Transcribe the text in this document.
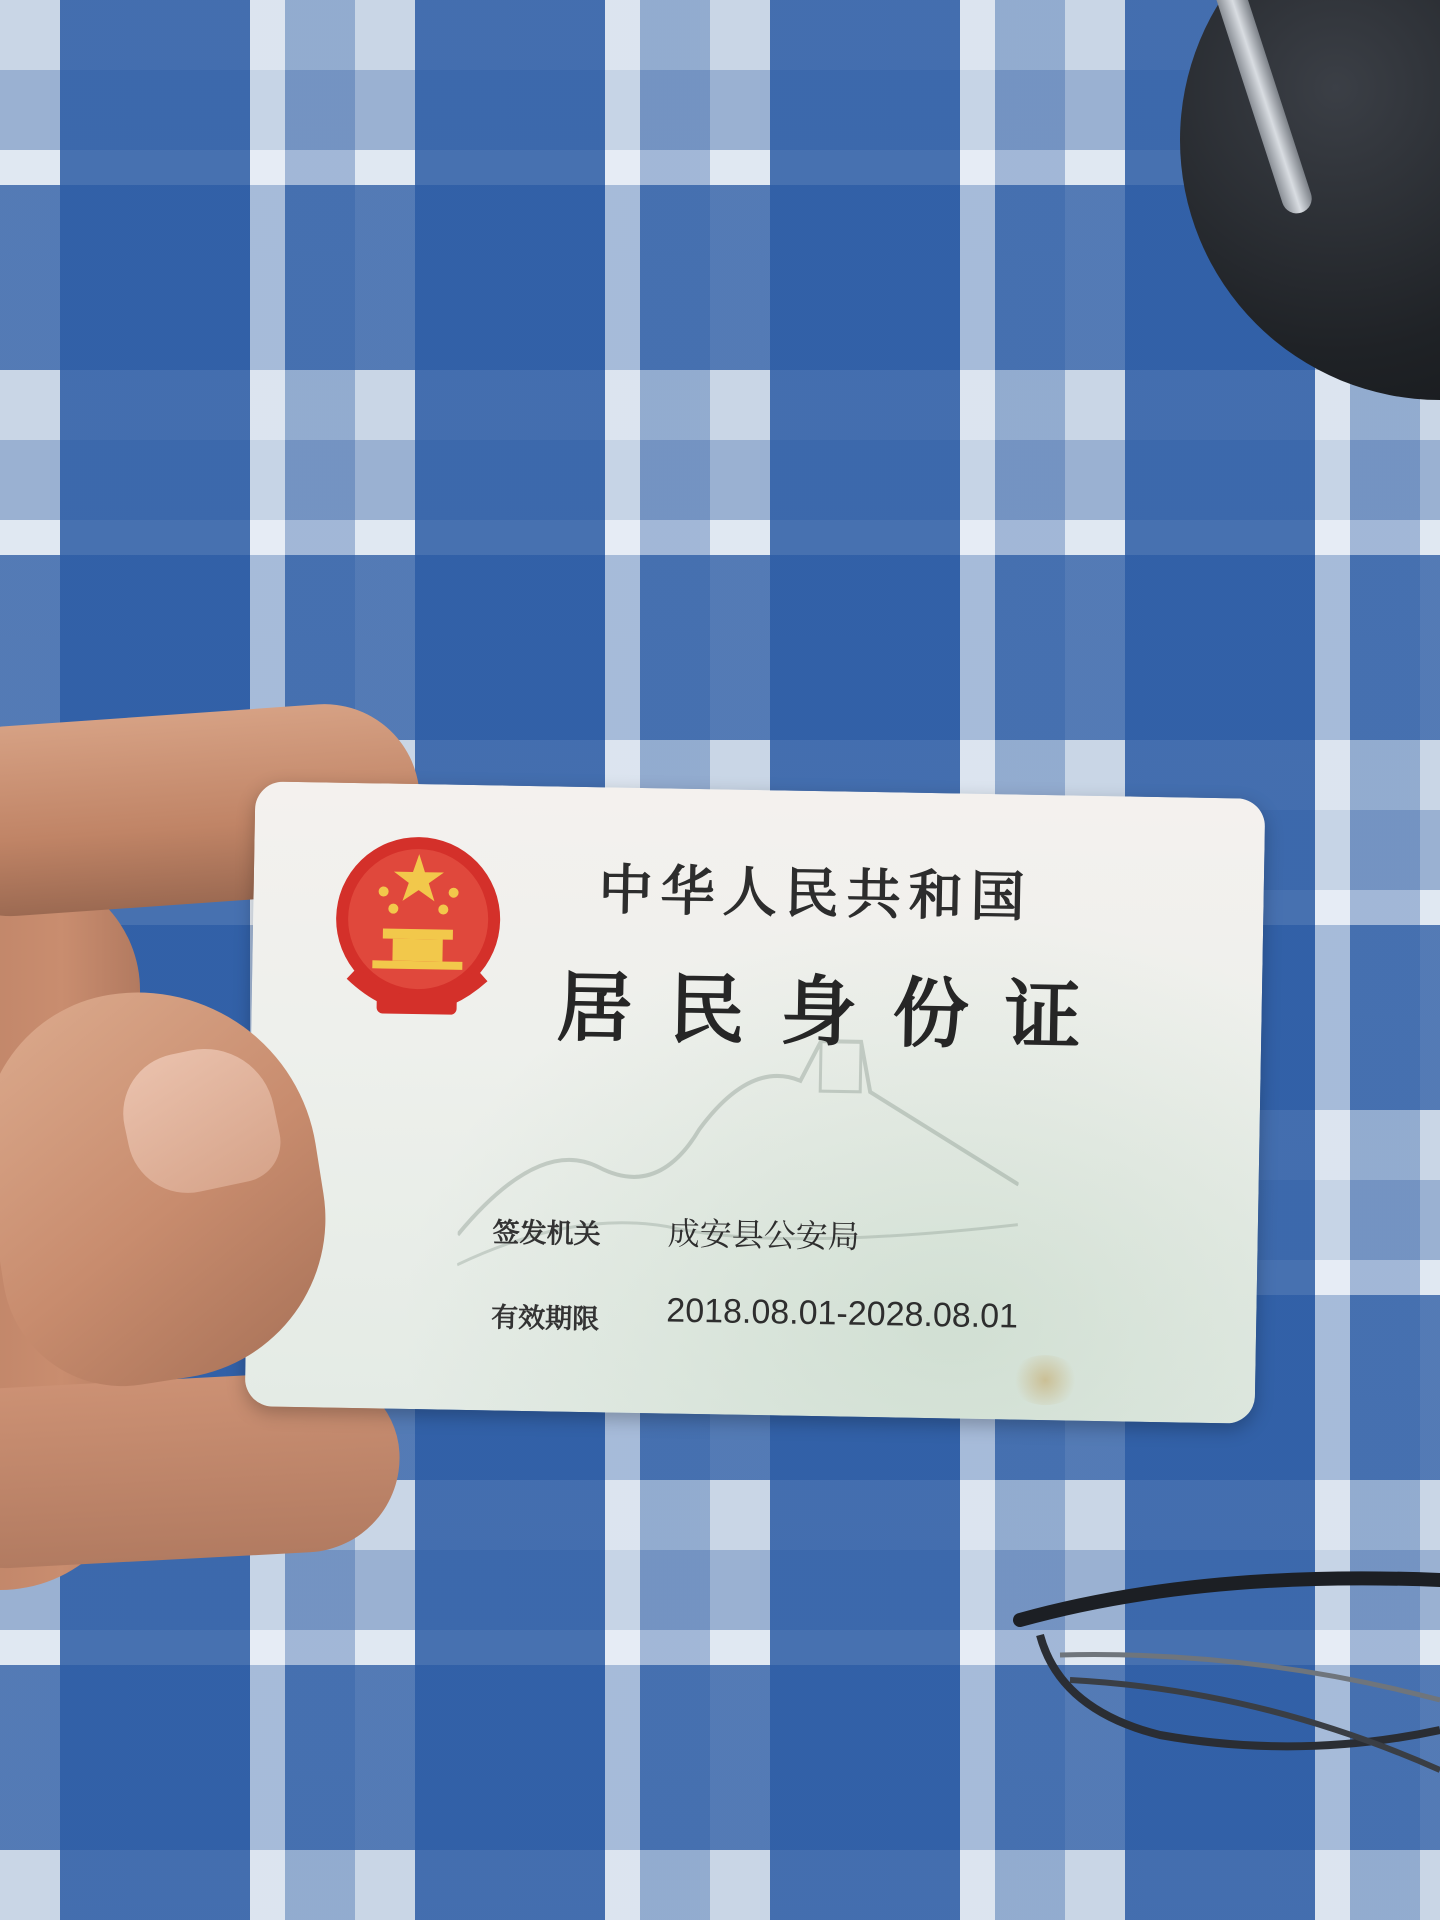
中华人民共和国
居民身份证
签发机关 成安县公安局
有效期限 2018.08.01-2028.08.01
